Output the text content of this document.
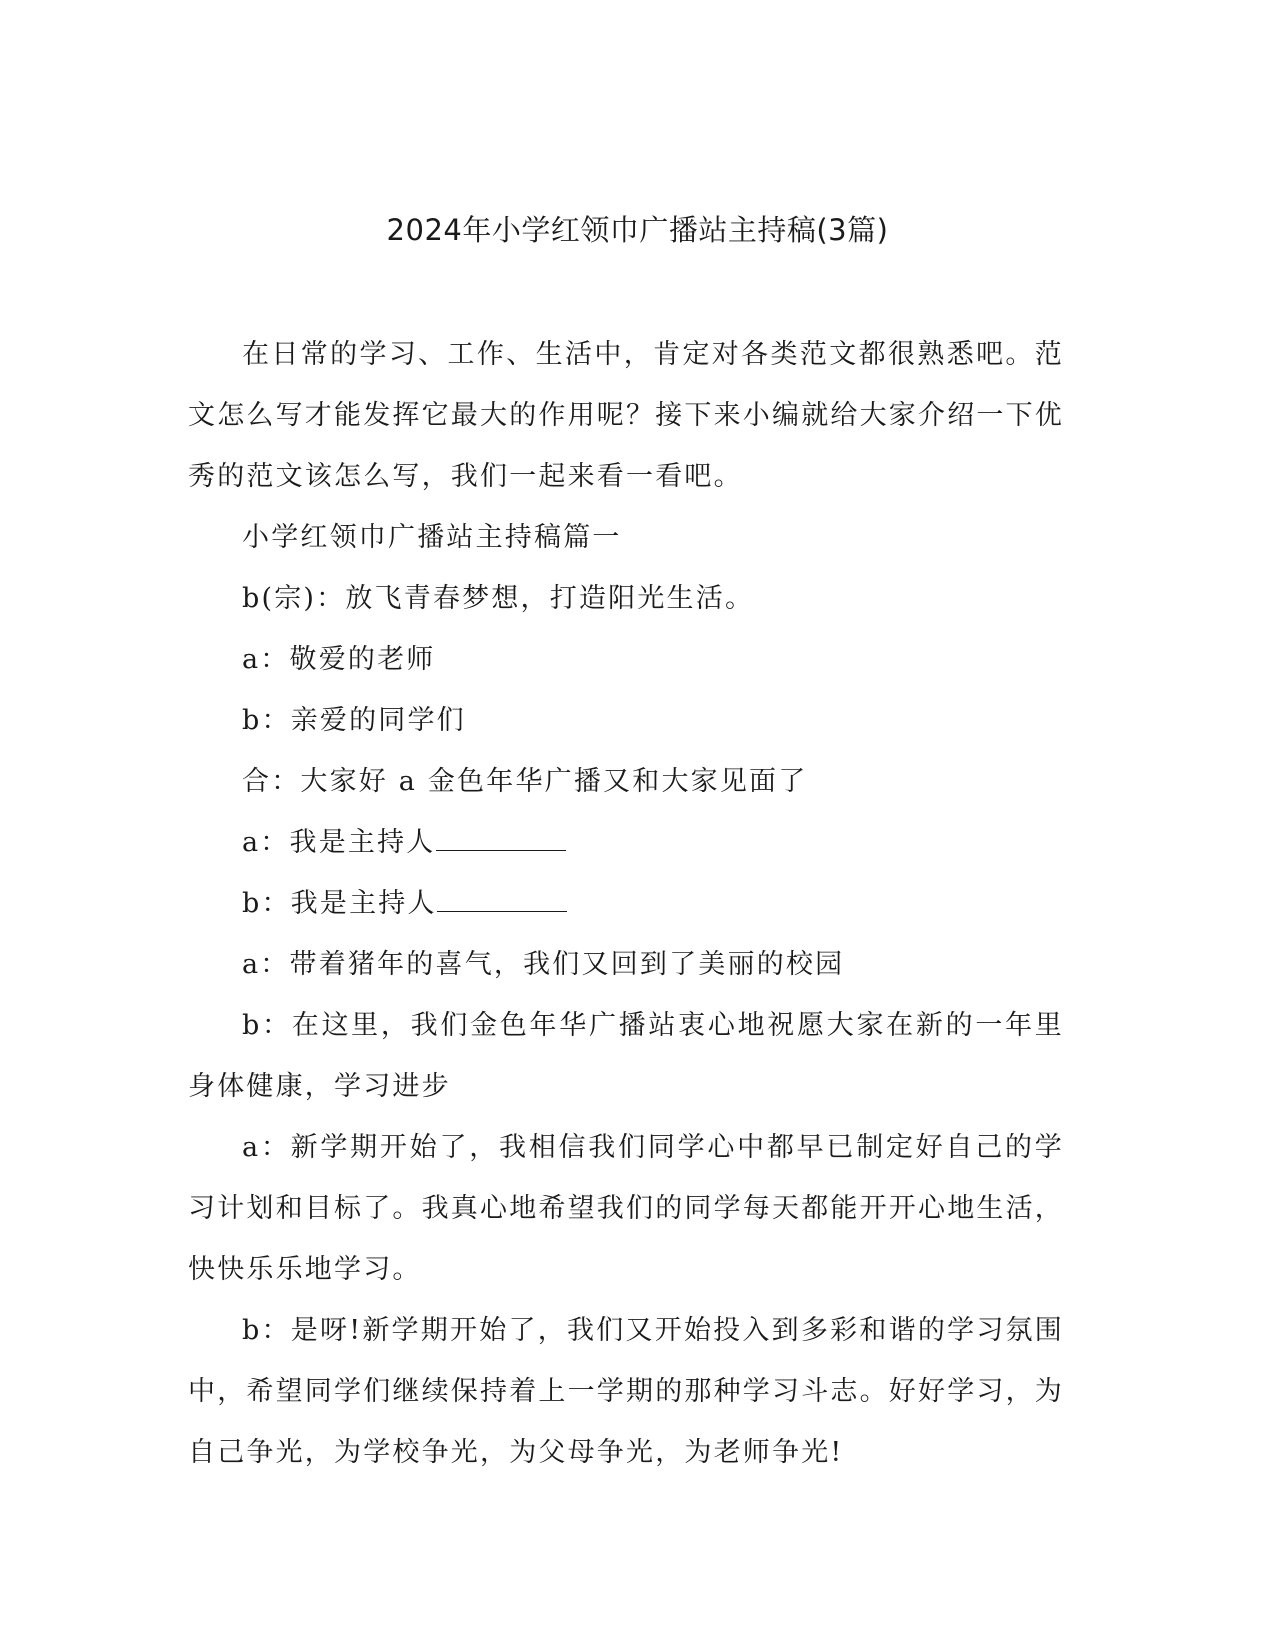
2024年小学红领巾广播站主持稿(3篇)

在日常的学习、工作、生活中，肯定对各类范文都很熟悉吧。范文怎么写才能发挥它最大的作用呢？接下来小编就给大家介绍一下优秀的范文该怎么写，我们一起来看一看吧。

小学红领巾广播站主持稿篇一

b(宗)：放飞青春梦想，打造阳光生活。

a：敬爱的老师

b：亲爱的同学们

合：大家好 a 金色年华广播又和大家见面了

a：我是主持人

b：我是主持人

a：带着猪年的喜气，我们又回到了美丽的校园

b：在这里，我们金色年华广播站衷心地祝愿大家在新的一年里身体健康，学习进步

a：新学期开始了，我相信我们同学心中都早已制定好自己的学习计划和目标了。我真心地希望我们的同学每天都能开开心地生活，快快乐乐地学习。

b：是呀!新学期开始了，我们又开始投入到多彩和谐的学习氛围中，希望同学们继续保持着上一学期的那种学习斗志。好好学习，为自己争光，为学校争光，为父母争光，为老师争光!
